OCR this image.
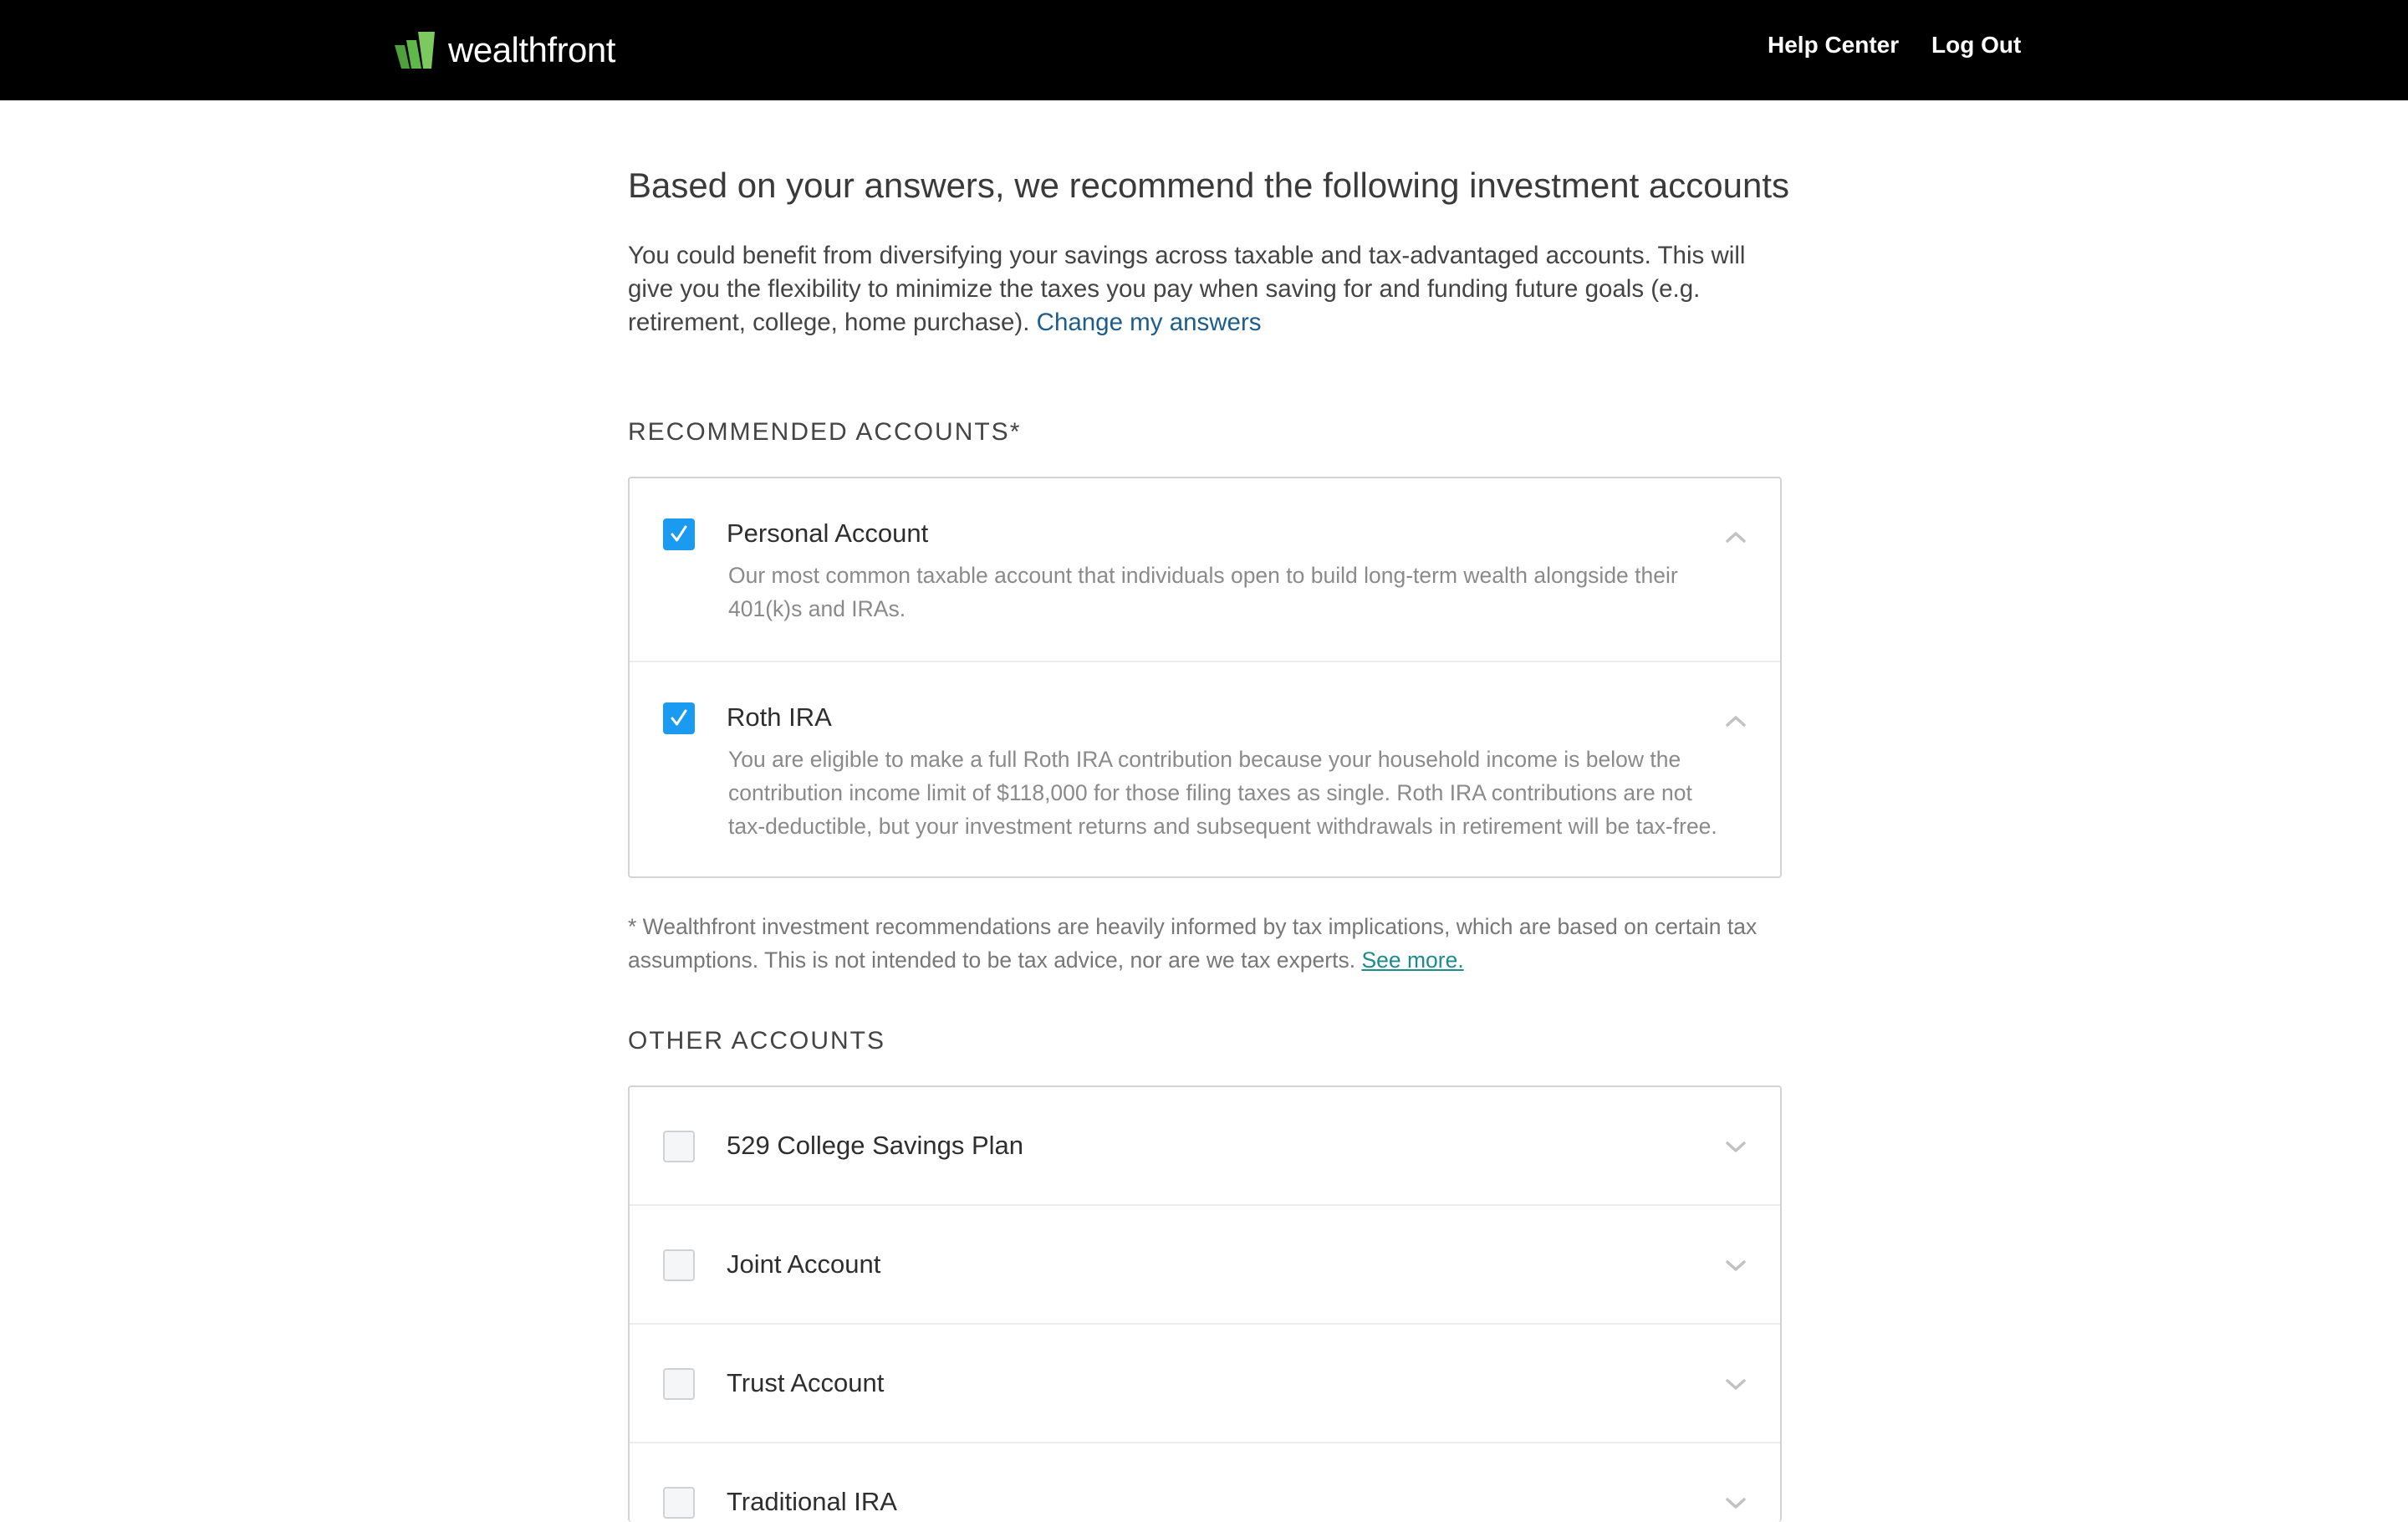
wealthfront	Help Center Log Out
Based on your answers, we recommend the following investment accounts

You could benefit from diversifying your savings across taxable and tax-advantaged accounts. This will give you the flexibility to minimize the taxes you pay when saving for and funding future goals (e.g. retirement, college, home purchase). Change my answers

RECOMMENDED ACCOUNTS*
Personal Account

Our most common taxable account that individuals open to build long-term wealth alongside their 401(k)s and IRAs.

Roth IRA

You are eligible to make a full Roth IRA contribution because your household income is below the contribution income limit of $118,000 for those filing taxes as single. Roth IRA contributions are not tax-deductible, but your investment returns and subsequent withdrawals in retirement will be tax-free.

* Wealthfront investment recommendations are heavily informed by tax implications, which are based on certain tax assumptions. This is not intended to be tax advice, nor are we tax experts. See more.

OTHER ACCOUNTS
529 College Savings Plan
Joint Account
Trust Account
Traditional IRA
